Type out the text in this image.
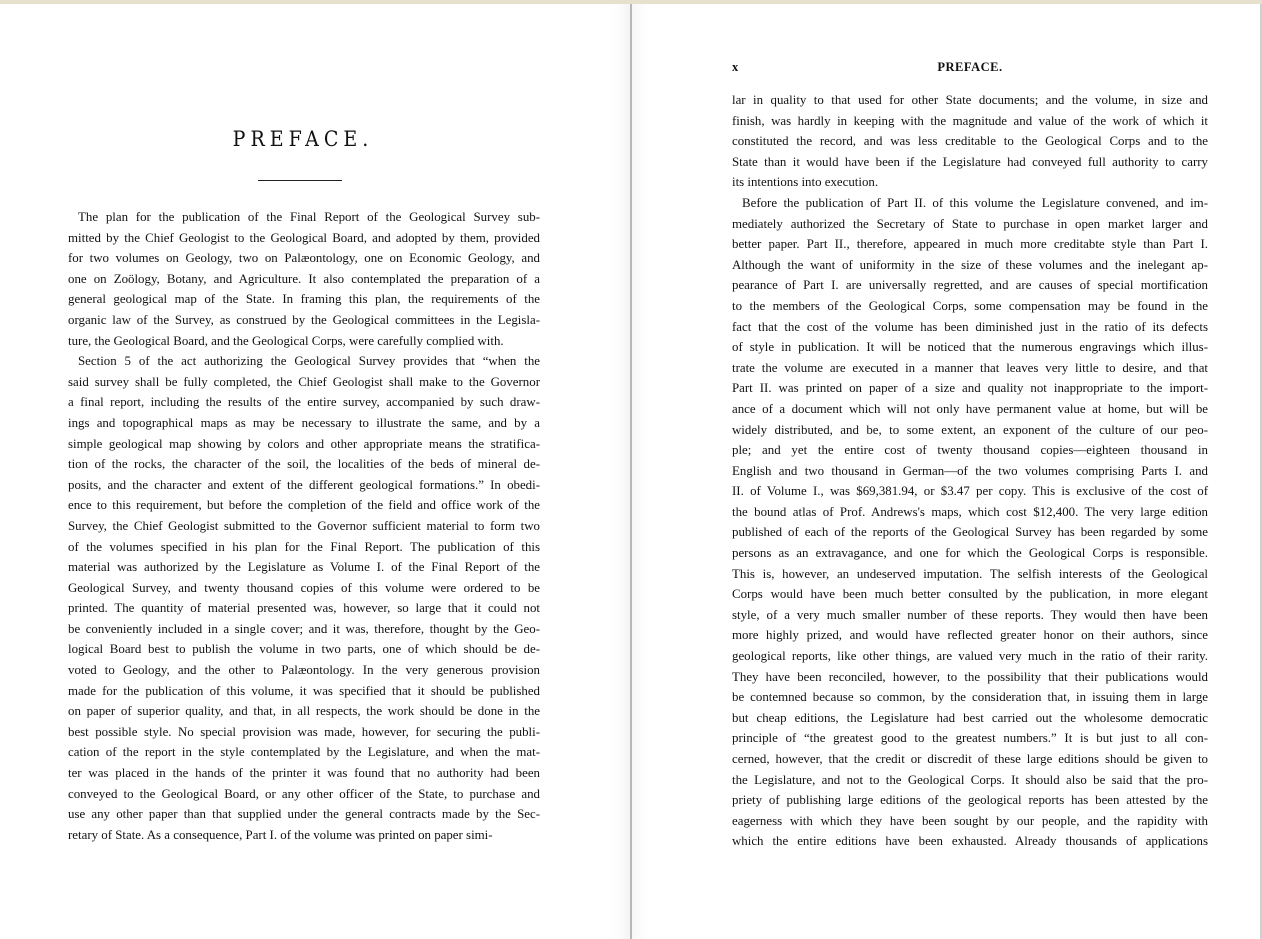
PREFACE.
The plan for the publication of the Final Report of the Geological Survey sub-
mitted by the Chief Geologist to the Geological Board, and adopted by them, provided
for two volumes on Geology, two on Palæontology, one on Economic Geology, and
one on Zoölogy, Botany, and Agriculture. It also contemplated the preparation of a
general geological map of the State. In framing this plan, the requirements of the
organic law of the Survey, as construed by the Geological committees in the Legisla-
ture, the Geological Board, and the Geological Corps, were carefully complied with.
Section 5 of the act authorizing the Geological Survey provides that “when the
said survey shall be fully completed, the Chief Geologist shall make to the Governor
a final report, including the results of the entire survey, accompanied by such draw-
ings and topographical maps as may be necessary to illustrate the same, and by a
simple geological map showing by colors and other appropriate means the stratifica-
tion of the rocks, the character of the soil, the localities of the beds of mineral de-
posits, and the character and extent of the different geological formations.” In obedi-
ence to this requirement, but before the completion of the field and office work of the
Survey, the Chief Geologist submitted to the Governor sufficient material to form two
of the volumes specified in his plan for the Final Report. The publication of this
material was authorized by the Legislature as Volume I. of the Final Report of the
Geological Survey, and twenty thousand copies of this volume were ordered to be
printed. The quantity of material presented was, however, so large that it could not
be conveniently included in a single cover; and it was, therefore, thought by the Geo-
logical Board best to publish the volume in two parts, one of which should be de-
voted to Geology, and the other to Palæontology. In the very generous provision
made for the publication of this volume, it was specified that it should be published
on paper of superior quality, and that, in all respects, the work should be done in the
best possible style. No special provision was made, however, for securing the publi-
cation of the report in the style contemplated by the Legislature, and when the mat-
ter was placed in the hands of the printer it was found that no authority had been
conveyed to the Geological Board, or any other officer of the State, to purchase and
use any other paper than that supplied under the general contracts made by the Sec-
retary of State. As a consequence, Part I. of the volume was printed on paper simi-
x	PREFACE.
lar in quality to that used for other State documents; and the volume, in size and
finish, was hardly in keeping with the magnitude and value of the work of which it
constituted the record, and was less creditable to the Geological Corps and to the
State than it would have been if the Legislature had conveyed full authority to carry
its intentions into execution.
Before the publication of Part II. of this volume the Legislature convened, and im-
mediately authorized the Secretary of State to purchase in open market larger and
better paper. Part II., therefore, appeared in much more creditabte style than Part I.
Although the want of uniformity in the size of these volumes and the inelegant ap-
pearance of Part I. are universally regretted, and are causes of special mortification
to the members of the Geological Corps, some compensation may be found in the
fact that the cost of the volume has been diminished just in the ratio of its defects
of style in publication. It will be noticed that the numerous engravings which illus-
trate the volume are executed in a manner that leaves very little to desire, and that
Part II. was printed on paper of a size and quality not inappropriate to the import-
ance of a document which will not only have permanent value at home, but will be
widely distributed, and be, to some extent, an exponent of the culture of our peo-
ple; and yet the entire cost of twenty thousand copies—eighteen thousand in
English and two thousand in German—of the two volumes comprising Parts I. and
II. of Volume I., was $69,381.94, or $3.47 per copy. This is exclusive of the cost of
the bound atlas of Prof. Andrews's maps, which cost $12,400. The very large edition
published of each of the reports of the Geological Survey has been regarded by some
persons as an extravagance, and one for which the Geological Corps is responsible.
This is, however, an undeserved imputation. The selfish interests of the Geological
Corps would have been much better consulted by the publication, in more elegant
style, of a very much smaller number of these reports. They would then have been
more highly prized, and would have reflected greater honor on their authors, since
geological reports, like other things, are valued very much in the ratio of their rarity.
They have been reconciled, however, to the possibility that their publications would
be contemned because so common, by the consideration that, in issuing them in large
but cheap editions, the Legislature had best carried out the wholesome democratic
principle of “the greatest good to the greatest numbers.” It is but just to all con-
cerned, however, that the credit or discredit of these large editions should be given to
the Legislature, and not to the Geological Corps. It should also be said that the pro-
priety of publishing large editions of the geological reports has been attested by the
eagerness with which they have been sought by our people, and the rapidity with
which the entire editions have been exhausted. Already thousands of applications
